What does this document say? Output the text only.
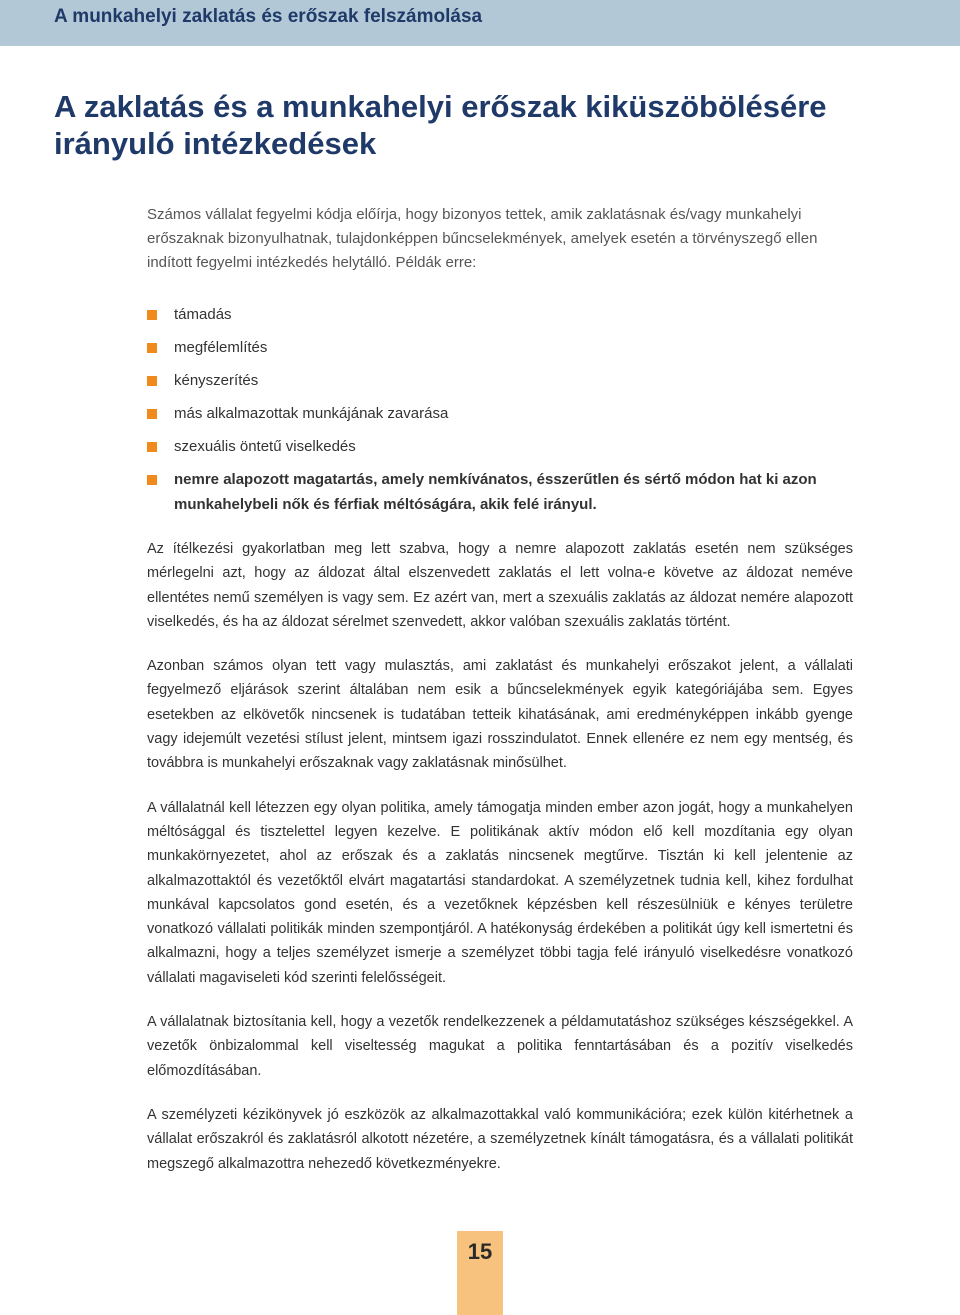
A munkahelyi zaklatás és erőszak felszámolása
A zaklatás és a munkahelyi erőszak kiküszöbölésére irányuló intézkedések

Számos vállalat fegyelmi kódja előírja, hogy bizonyos tettek, amik zaklatásnak és/vagy munkahelyi erőszaknak bizonyulhatnak, tulajdonképpen bűncselekmények, amelyek esetén a törvényszegő ellen indított fegyelmi intézkedés helytálló. Példák erre:

támadás
megfélemlítés
kényszerítés
más alkalmazottak munkájának zavarása
szexuális öntetű viselkedés
nemre alapozott magatartás, amely nemkívánatos, ésszerűtlen és sértő módon hat ki azon munkahelybeli nők és férfiak méltóságára, akik felé irányul.

Az ítélkezési gyakorlatban meg lett szabva, hogy a nemre alapozott zaklatás esetén nem szükséges mérlegelni azt, hogy az áldozat által elszenvedett zaklatás el lett volna-e követve az áldozat neméve ellentétes nemű személyen is vagy sem. Ez azért van, mert a szexuális zaklatás az áldozat nemére alapozott viselkedés, és ha az áldozat sérelmet szenvedett, akkor valóban szexuális zaklatás történt.

Azonban számos olyan tett vagy mulasztás, ami zaklatást és munkahelyi erőszakot jelent, a vállalati fegyelmező eljárások szerint általában nem esik a bűncselekmények egyik kategóriájába sem. Egyes esetekben az elkövetők nincsenek is tudatában tetteik kihatásának, ami eredményképpen inkább gyenge vagy idejemúlt vezetési stílust jelent, mintsem igazi rosszindulatot. Ennek ellenére ez nem egy mentség, és továbbra is munkahelyi erőszaknak vagy zaklatásnak minősülhet.

A vállalatnál kell létezzen egy olyan politika, amely támogatja minden ember azon jogát, hogy a munkahelyen méltósággal és tisztelettel legyen kezelve. E politikának aktív módon elő kell mozdítania egy olyan munkakörnyezetet, ahol az erőszak és a zaklatás nincsenek megtűrve. Tisztán ki kell jelentenie az alkalmazottaktól és vezetőktől elvárt magatartási standardokat. A személyzetnek tudnia kell, kihez fordulhat munkával kapcsolatos gond esetén, és a vezetőknek képzésben kell részesülniük e kényes területre vonatkozó vállalati politikák minden szempontjáról. A hatékonyság érdekében a politikát úgy kell ismertetni és alkalmazni, hogy a teljes személyzet ismerje a személyzet többi tagja felé irányuló viselkedésre vonatkozó vállalati magaviseleti kód szerinti felelősségeit.

A vállalatnak biztosítania kell, hogy a vezetők rendelkezzenek a példamutatáshoz szükséges készségekkel. A vezetők önbizalommal kell viseltesség magukat a politika fenntartásában és a pozitív viselkedés előmozdításában.

A személyzeti kézikönyvek jó eszközök az alkalmazottakkal való kommunikációra; ezek külön kitérhetnek a vállalat erőszakról és zaklatásról alkotott nézetére, a személyzetnek kínált támogatásra, és a vállalati politikát megszegő alkalmazottra nehezedő következményekre.

15
